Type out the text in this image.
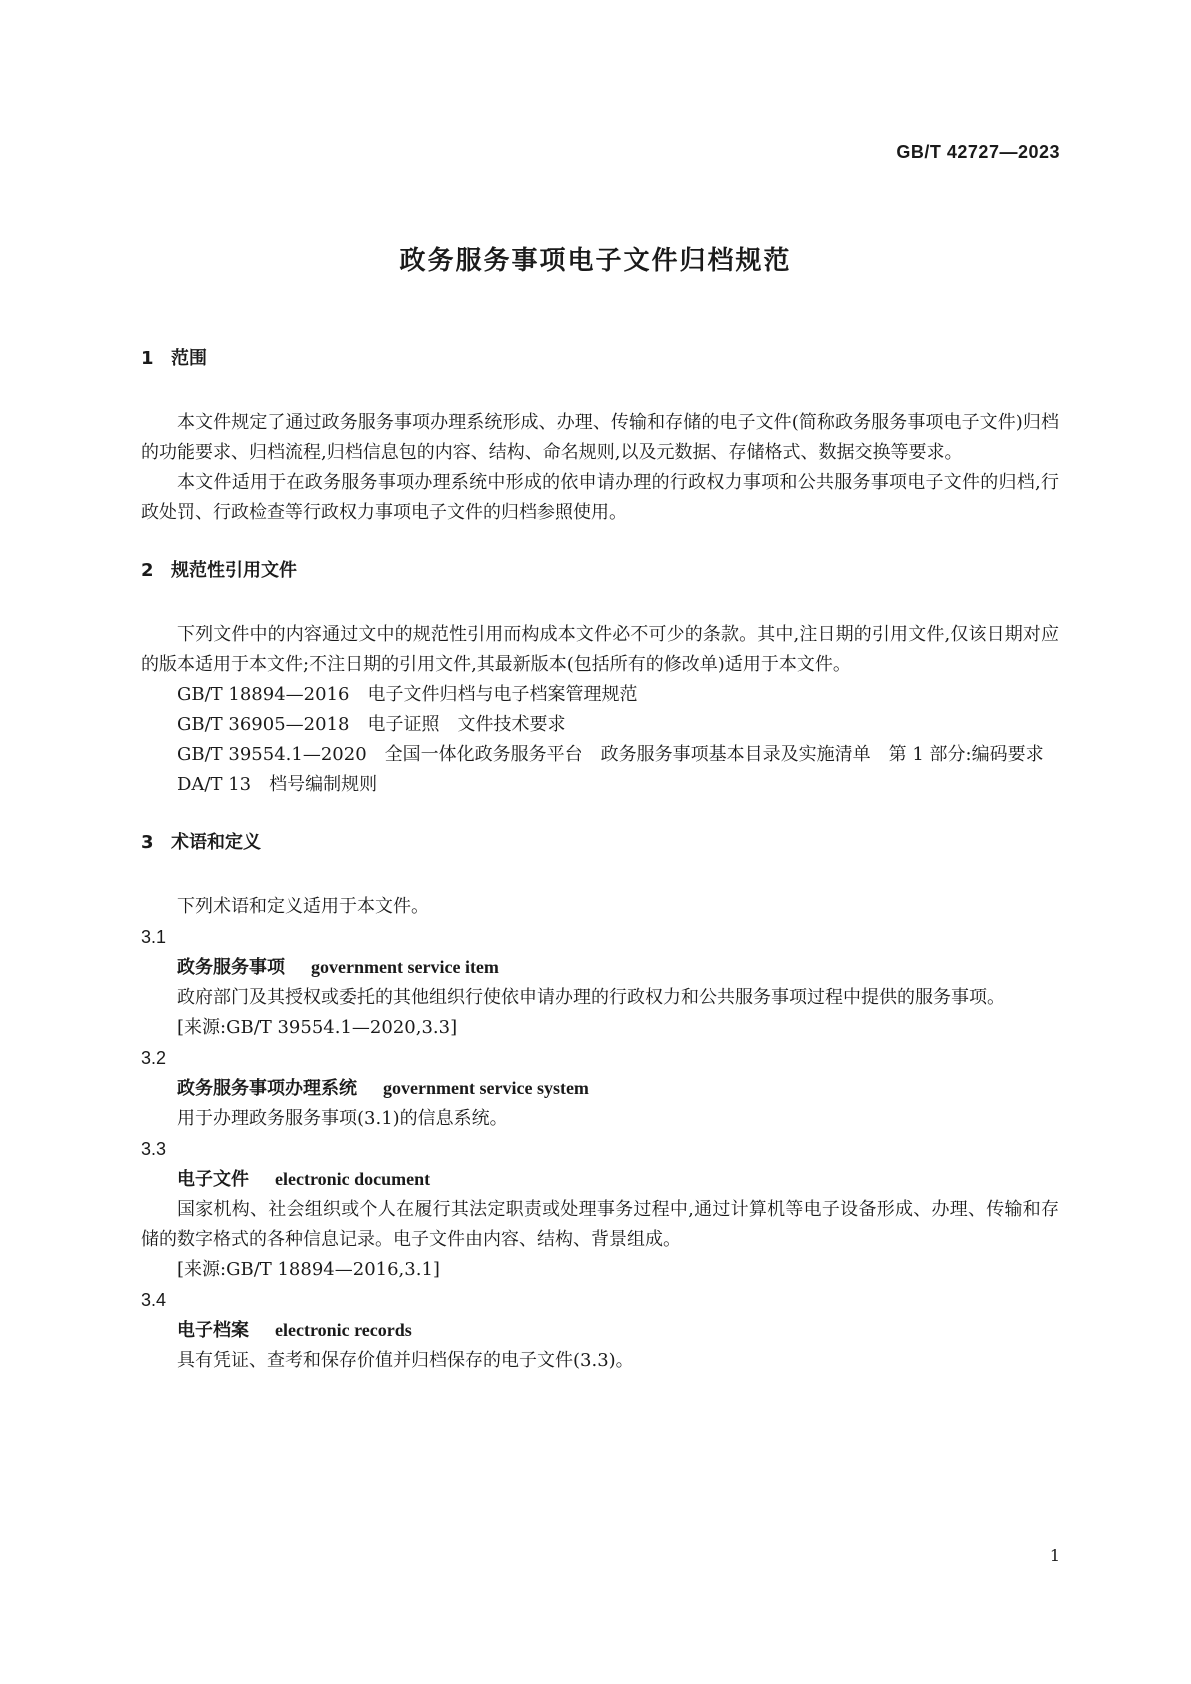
GB/T 42727—2023
政务服务事项电子文件归档规范

1 范围

本文件规定了通过政务服务事项办理系统形成、办理、传输和存储的电子文件(简称政务服务事项电子文件)归档的功能要求、归档流程,归档信息包的内容、结构、命名规则,以及元数据、存储格式、数据交换等要求。

本文件适用于在政务服务事项办理系统中形成的依申请办理的行政权力事项和公共服务事项电子文件的归档,行政处罚、行政检查等行政权力事项电子文件的归档参照使用。

2 规范性引用文件

下列文件中的内容通过文中的规范性引用而构成本文件必不可少的条款。其中,注日期的引用文件,仅该日期对应的版本适用于本文件;不注日期的引用文件,其最新版本(包括所有的修改单)适用于本文件。

GB/T 18894—2016　电子文件归档与电子档案管理规范

GB/T 36905—2018　电子证照　文件技术要求

GB/T 39554.1—2020　全国一体化政务服务平台　政务服务事项基本目录及实施清单　第 1 部分:编码要求

DA/T 13　档号编制规则

3 术语和定义

下列术语和定义适用于本文件。

3.1

政务服务事项 government service item

政府部门及其授权或委托的其他组织行使依申请办理的行政权力和公共服务事项过程中提供的服务事项。

[来源:GB/T 39554.1—2020,3.3]

3.2

政务服务事项办理系统 government service system

用于办理政务服务事项(3.1)的信息系统。

3.3

电子文件 electronic document

国家机构、社会组织或个人在履行其法定职责或处理事务过程中,通过计算机等电子设备形成、办理、传输和存储的数字格式的各种信息记录。电子文件由内容、结构、背景组成。

[来源:GB/T 18894—2016,3.1]

3.4

电子档案 electronic records

具有凭证、查考和保存价值并归档保存的电子文件(3.3)。

1
